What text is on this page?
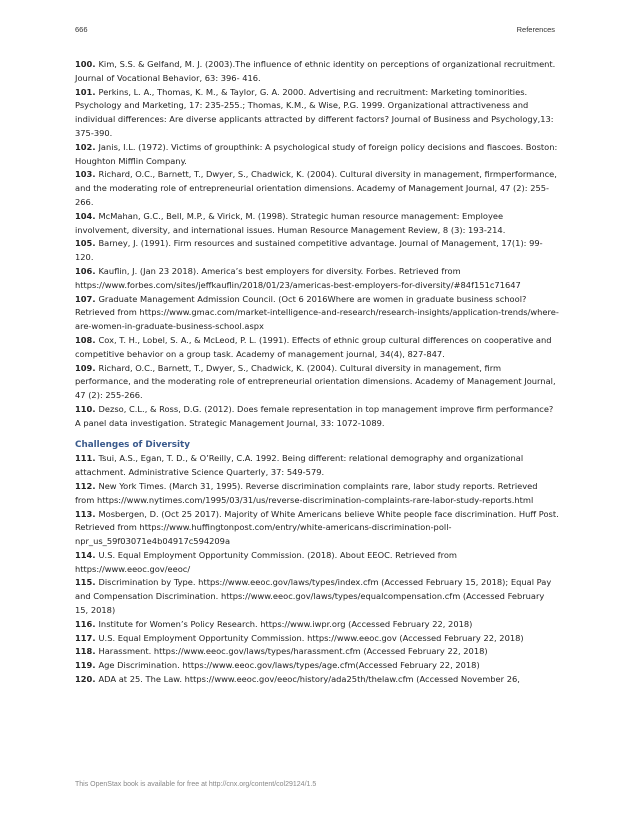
666	References

100. Kim, S.S. & Gelfand, M. J. (2003).The influence of ethnic identity on perceptions of organizational recruitment. Journal of Vocational Behavior, 63: 396- 416.

101. Perkins, L. A., Thomas, K. M., & Taylor, G. A. 2000. Advertising and recruitment: Marketing tominorities. Psychology and Marketing, 17: 235-255.; Thomas, K.M., & Wise, P.G. 1999. Organizational attractiveness and individual differences: Are diverse applicants attracted by different factors? Journal of Business and Psychology,13: 375-390.

102. Janis, I.L. (1972). Victims of groupthink: A psychological study of foreign policy decisions and fiascoes. Boston: Houghton Mifflin Company.

103. Richard, O.C., Barnett, T., Dwyer, S., Chadwick, K. (2004). Cultural diversity in management, firmperformance, and the moderating role of entrepreneurial orientation dimensions. Academy of Management Journal, 47 (2): 255-266.

104. McMahan, G.C., Bell, M.P., & Virick, M. (1998). Strategic human resource management: Employee involvement, diversity, and international issues. Human Resource Management Review, 8 (3): 193-214.

105. Barney, J. (1991). Firm resources and sustained competitive advantage. Journal of Management, 17(1): 99-120.

106. Kauflin, J. (Jan 23 2018). America’s best employers for diversity. Forbes. Retrieved from https://www.forbes.com/sites/jeffkauflin/2018/01/23/americas-best-employers-for-diversity/#84f151c71647

107. Graduate Management Admission Council. (Oct 6 2016Where are women in graduate business school? Retrieved from https://www.gmac.com/market-intelligence-and-research/research-insights/application-trends/where-are-women-in-graduate-business-school.aspx

108. Cox, T. H., Lobel, S. A., & McLeod, P. L. (1991). Effects of ethnic group cultural differences on cooperative and competitive behavior on a group task. Academy of management journal, 34(4), 827-847.

109. Richard, O.C., Barnett, T., Dwyer, S., Chadwick, K. (2004). Cultural diversity in management, firm performance, and the moderating role of entrepreneurial orientation dimensions. Academy of Management Journal, 47 (2): 255-266.

110. Dezso, C.L., & Ross, D.G. (2012). Does female representation in top management improve firm performance? A panel data investigation. Strategic Management Journal, 33: 1072-1089.

Challenges of Diversity

111. Tsui, A.S., Egan, T. D., & O’Reilly, C.A. 1992. Being different: relational demography and organizational attachment. Administrative Science Quarterly, 37: 549-579.

112. New York Times. (March 31, 1995). Reverse discrimination complaints rare, labor study reports. Retrieved from https://www.nytimes.com/1995/03/31/us/reverse-discrimination-complaints-rare-labor-study-reports.html

113. Mosbergen, D. (Oct 25 2017). Majority of White Americans believe White people face discrimination. Huff Post. Retrieved from https://www.huffingtonpost.com/entry/white-americans-discrimination-poll-npr_us_59f03071e4b04917c594209a

114. U.S. Equal Employment Opportunity Commission. (2018). About EEOC. Retrieved from https://www.eeoc.gov/eeoc/

115. Discrimination by Type. https://www.eeoc.gov/laws/types/index.cfm (Accessed February 15, 2018); Equal Pay and Compensation Discrimination. https://www.eeoc.gov/laws/types/equalcompensation.cfm (Accessed February 15, 2018)

116. Institute for Women’s Policy Research. https://www.iwpr.org (Accessed February 22, 2018)

117. U.S. Equal Employment Opportunity Commission. https://www.eeoc.gov (Accessed February 22, 2018)

118. Harassment. https://www.eeoc.gov/laws/types/harassment.cfm (Accessed February 22, 2018)

119. Age Discrimination. https://www.eeoc.gov/laws/types/age.cfm(Accessed February 22, 2018)

120. ADA at 25. The Law. https://www.eeoc.gov/eeoc/history/ada25th/thelaw.cfm (Accessed November 26,

This OpenStax book is available for free at http://cnx.org/content/col29124/1.5
